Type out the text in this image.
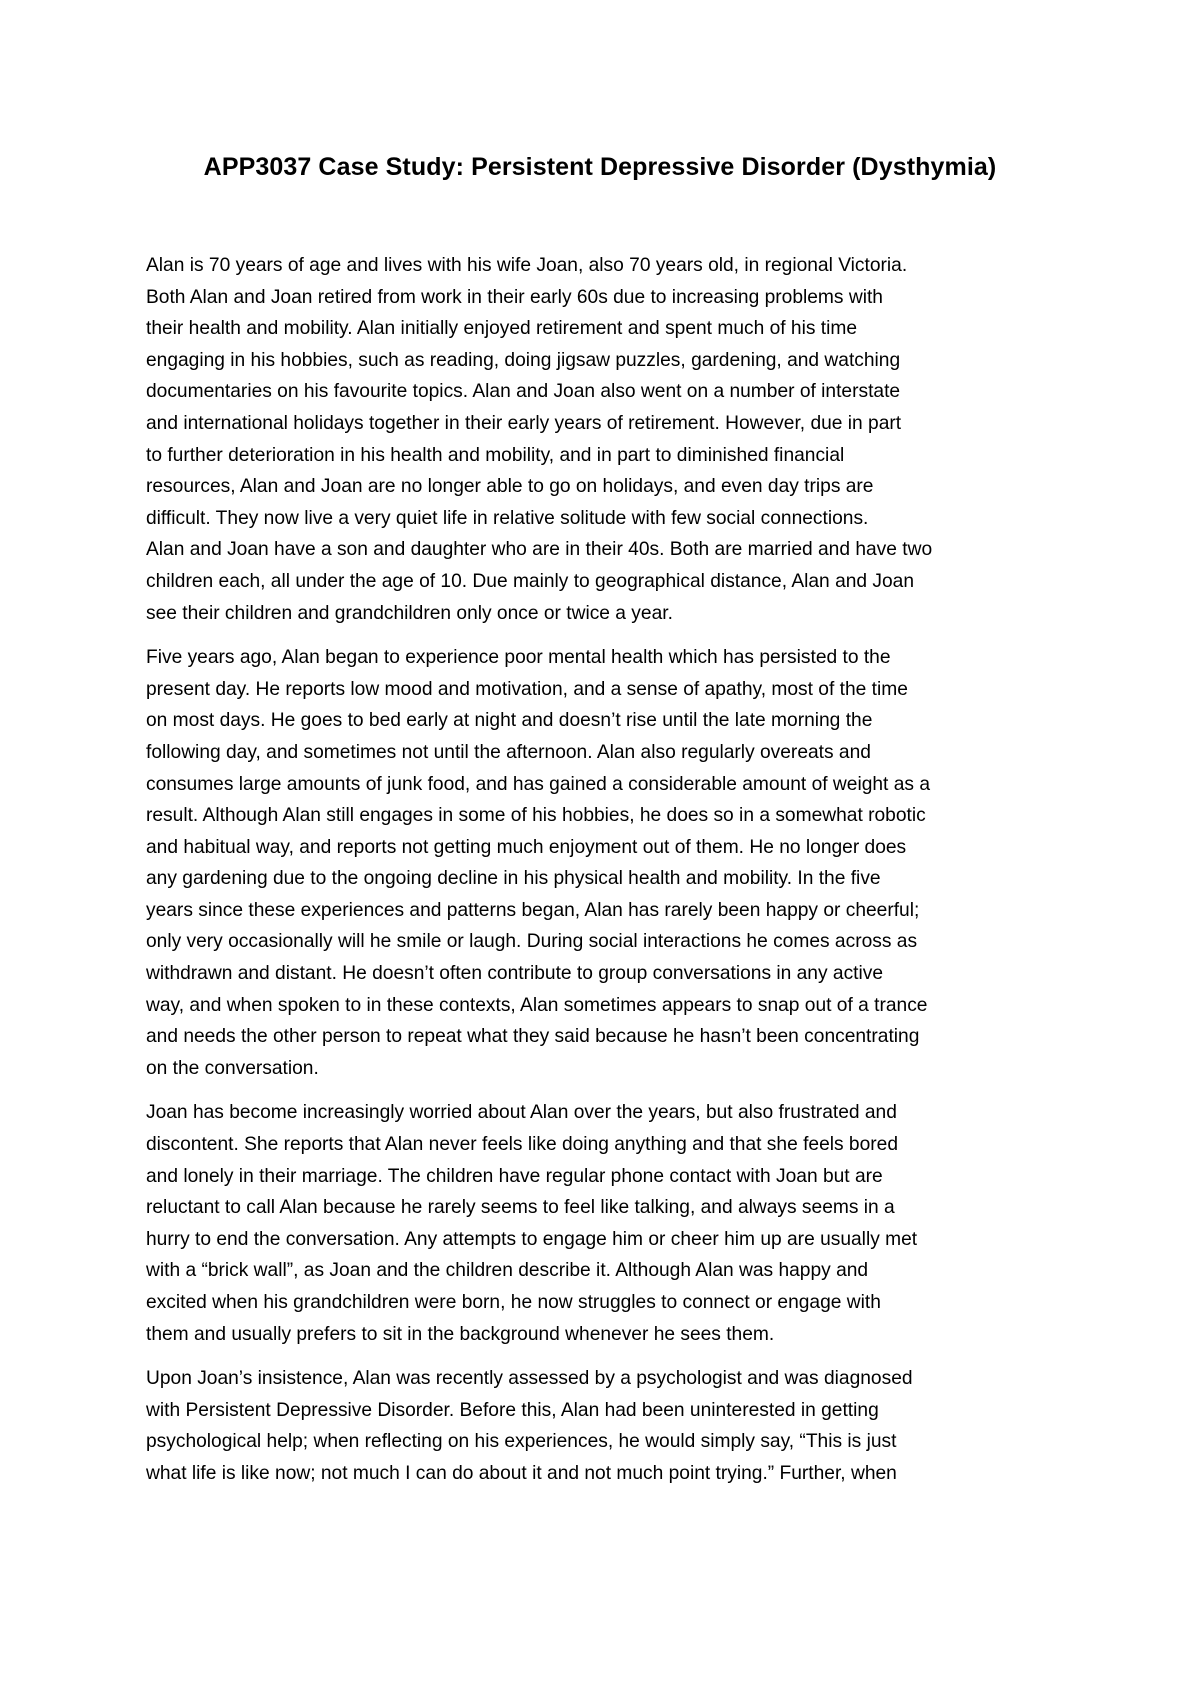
APP3037 Case Study: Persistent Depressive Disorder (Dysthymia)
Alan is 70 years of age and lives with his wife Joan, also 70 years old, in regional Victoria.
Both Alan and Joan retired from work in their early 60s due to increasing problems with
their health and mobility. Alan initially enjoyed retirement and spent much of his time
engaging in his hobbies, such as reading, doing jigsaw puzzles, gardening, and watching
documentaries on his favourite topics. Alan and Joan also went on a number of interstate
and international holidays together in their early years of retirement. However, due in part
to further deterioration in his health and mobility, and in part to diminished financial
resources, Alan and Joan are no longer able to go on holidays, and even day trips are
difficult. They now live a very quiet life in relative solitude with few social connections.
Alan and Joan have a son and daughter who are in their 40s. Both are married and have two
children each, all under the age of 10. Due mainly to geographical distance, Alan and Joan
see their children and grandchildren only once or twice a year.
Five years ago, Alan began to experience poor mental health which has persisted to the
present day. He reports low mood and motivation, and a sense of apathy, most of the time
on most days. He goes to bed early at night and doesn’t rise until the late morning the
following day, and sometimes not until the afternoon. Alan also regularly overeats and
consumes large amounts of junk food, and has gained a considerable amount of weight as a
result. Although Alan still engages in some of his hobbies, he does so in a somewhat robotic
and habitual way, and reports not getting much enjoyment out of them. He no longer does
any gardening due to the ongoing decline in his physical health and mobility. In the five
years since these experiences and patterns began, Alan has rarely been happy or cheerful;
only very occasionally will he smile or laugh. During social interactions he comes across as
withdrawn and distant. He doesn’t often contribute to group conversations in any active
way, and when spoken to in these contexts, Alan sometimes appears to snap out of a trance
and needs the other person to repeat what they said because he hasn’t been concentrating
on the conversation.
Joan has become increasingly worried about Alan over the years, but also frustrated and
discontent. She reports that Alan never feels like doing anything and that she feels bored
and lonely in their marriage. The children have regular phone contact with Joan but are
reluctant to call Alan because he rarely seems to feel like talking, and always seems in a
hurry to end the conversation. Any attempts to engage him or cheer him up are usually met
with a “brick wall”, as Joan and the children describe it. Although Alan was happy and
excited when his grandchildren were born, he now struggles to connect or engage with
them and usually prefers to sit in the background whenever he sees them.
Upon Joan’s insistence, Alan was recently assessed by a psychologist and was diagnosed
with Persistent Depressive Disorder. Before this, Alan had been uninterested in getting
psychological help; when reflecting on his experiences, he would simply say, “This is just
what life is like now; not much I can do about it and not much point trying.” Further, when
